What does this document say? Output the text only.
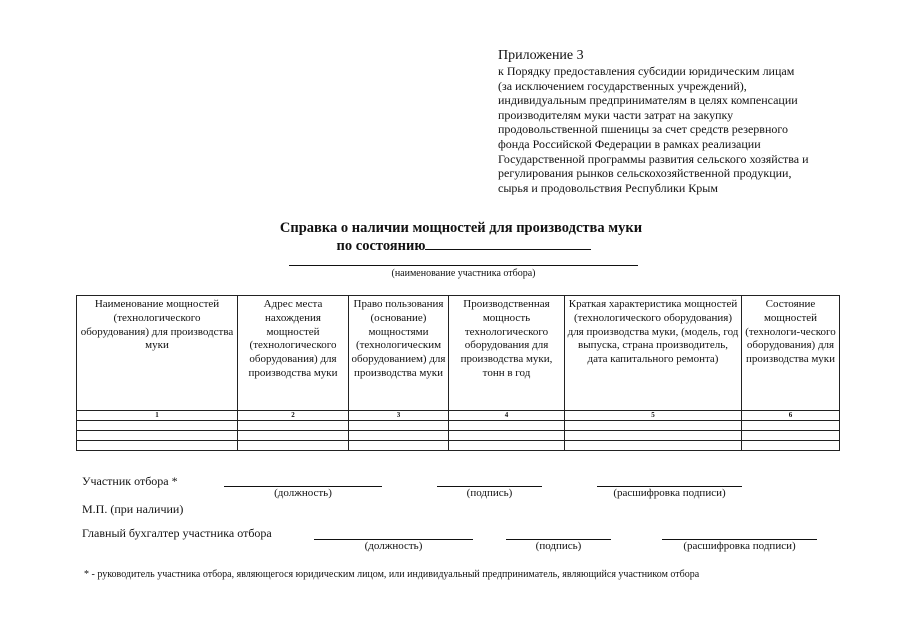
Приложение 3
к Порядку предоставления субсидии юридическим лицам
(за исключением государственных учреждений),
индивидуальным предпринимателям в целях компенсации
производителям муки части затрат на закупку
продовольственной пшеницы за счет средств резервного
фонда Российской Федерации в рамках реализации
Государственной программы развития сельского хозяйства и
регулирования рынков сельскохозяйственной продукции,
сырья и продовольствия Республики Крым
Справка о наличии мощностей для производства муки
по состоянию
(наименование участника отбора)
Наименование мощностей (технологического оборудования) для производства муки	Адрес места нахождения мощностей (технологического оборудования) для производства муки	Право пользования (основание) мощностями (технологическим оборудованием) для производства муки	Производственная мощность технологического оборудования для производства муки, тонн в год	Краткая характеристика мощностей (технологического оборудования) для производства муки, (модель, год выпуска, страна производитель, дата капитального ремонта)	Состояние мощностей (технологи-ческого оборудования) для производства муки
1	2	3	4	5	6

Участник отбора *
(должность)	(подпись)	(расшифровка подписи)
М.П. (при наличии)
Главный бухгалтер участника отбора
(должность)	(подпись)	(расшифровка подписи)
* - руководитель участника отбора, являющегося юридическим лицом, или индивидуальный предприниматель, являющийся участником отбора
